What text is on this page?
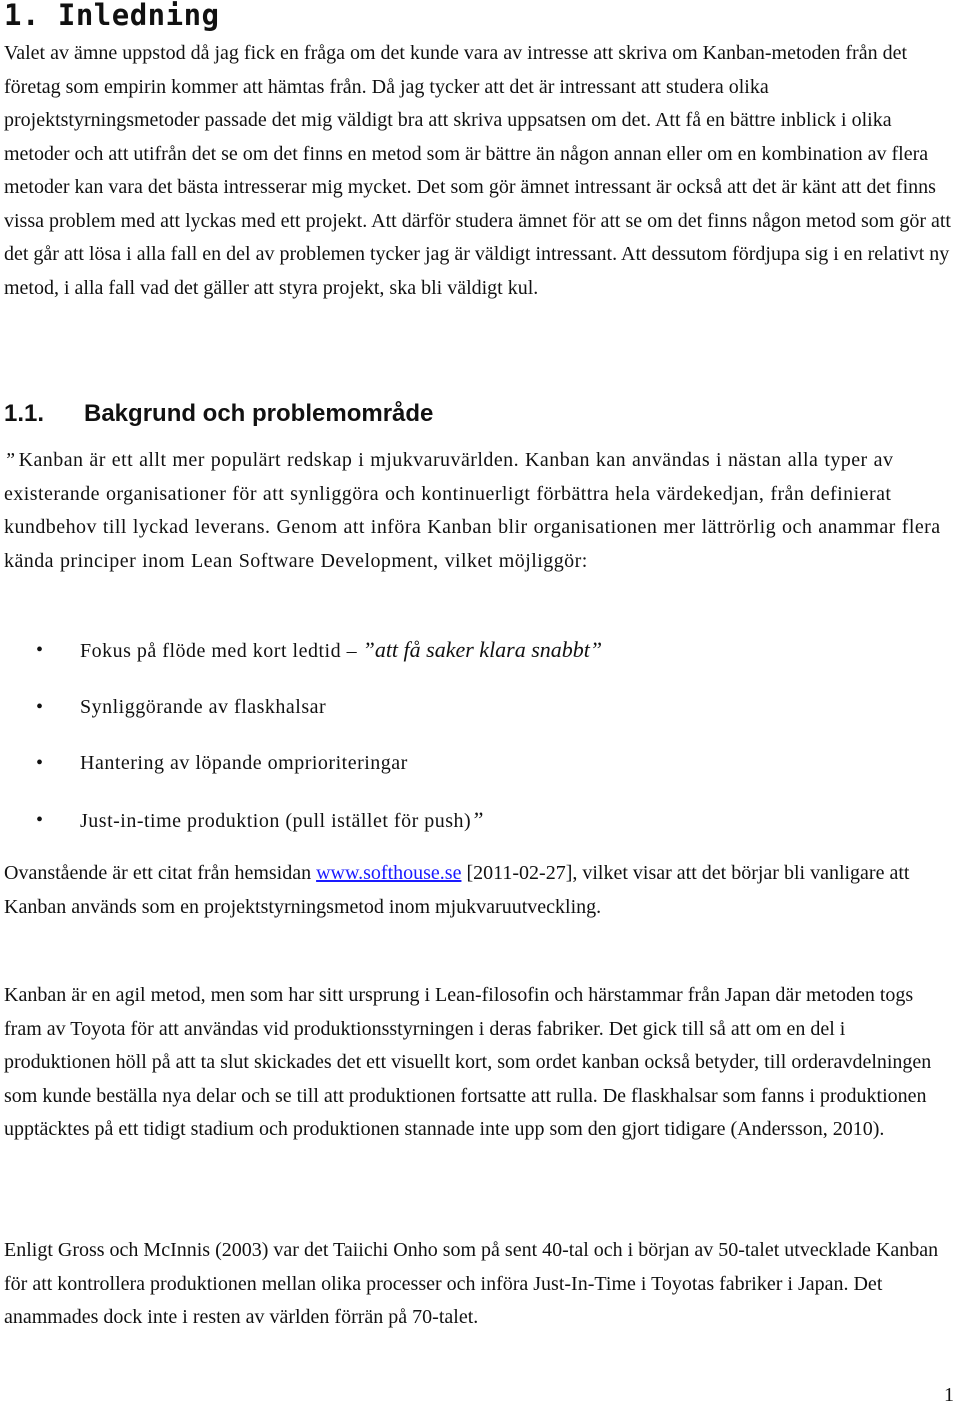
1. Inledning

Valet av ämne uppstod då jag fick en fråga om det kunde vara av intresse att skriva om Kanban-metoden från det företag som empirin kommer att hämtas från. Då jag tycker att det är intressant att studera olika projektstyrningsmetoder passade det mig väldigt bra att skriva uppsatsen om det. Att få en bättre inblick i olika metoder och att utifrån det se om det finns en metod som är bättre än någon annan eller om en kombination av flera metoder kan vara det bästa intresserar mig mycket. Det som gör ämnet intressant är också att det är känt att det finns vissa problem med att lyckas med ett projekt. Att därför studera ämnet för att se om det finns någon metod som gör att det går att lösa i alla fall en del av problemen tycker jag är väldigt intressant. Att dessutom fördjupa sig i en relativt ny metod, i alla fall vad det gäller att styra projekt, ska bli väldigt kul.

1.1. Bakgrund och problemområde

” Kanban är ett allt mer populärt redskap i mjukvaruvärlden. Kanban kan användas i nästan alla typer av existerande organisationer för att synliggöra och kontinuerligt förbättra hela värdekedjan, från definierat kundbehov till lyckad leverans. Genom att införa Kanban blir organisationen mer lättrörlig och anammar flera kända principer inom Lean Software Development, vilket möjliggör:

• Fokus på flöde med kort ledtid – ”att få saker klara snabbt”
• Synliggörande av flaskhalsar
• Hantering av löpande omprioriteringar
• Just-in-time produktion (pull istället för push)”

Ovanstående är ett citat från hemsidan www.softhouse.se [2011-02-27], vilket visar att det börjar bli vanligare att Kanban används som en projektstyrningsmetod inom mjukvaruutveckling.

Kanban är en agil metod, men som har sitt ursprung i Lean-filosofin och härstammar från Japan där metoden togs fram av Toyota för att användas vid produktionsstyrningen i deras fabriker. Det gick till så att om en del i produktionen höll på att ta slut skickades det ett visuellt kort, som ordet kanban också betyder, till orderavdelningen som kunde beställa nya delar och se till att produktionen fortsatte att rulla. De flaskhalsar som fanns i produktionen upptäcktes på ett tidigt stadium och produktionen stannade inte upp som den gjort tidigare (Andersson, 2010).

Enligt Gross och McInnis (2003) var det Taiichi Onho som på sent 40-tal och i början av 50-talet utvecklade Kanban för att kontrollera produktionen mellan olika processer och införa Just-In-Time i Toyotas fabriker i Japan. Det anammades dock inte i resten av världen förrän på 70-talet.

1
